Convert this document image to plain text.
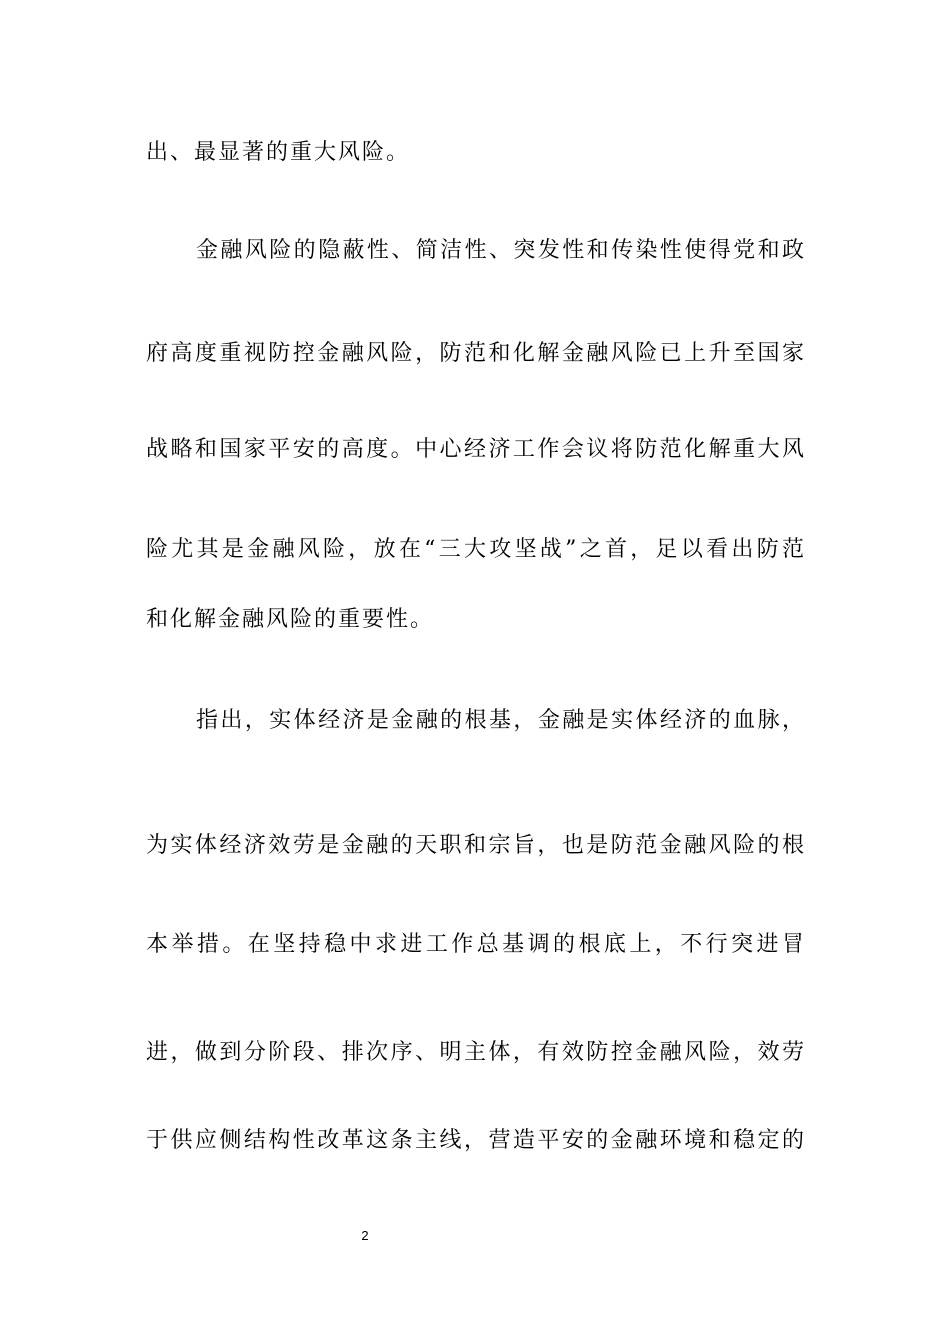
出、最显著的重大风险。
金融风险的隐蔽性、简洁性、突发性和传染性使得党和政
府高度重视防控金融风险，防范和化解金融风险已上升至国家
战略和国家平安的高度。中心经济工作会议将防范化解重大风
险尤其是金融风险，放在“三大攻坚战”之首，足以看出防范
和化解金融风险的重要性。
指出，实体经济是金融的根基，金融是实体经济的血脉，
为实体经济效劳是金融的天职和宗旨，也是防范金融风险的根
本举措。在坚持稳中求进工作总基调的根底上，不行突进冒
进，做到分阶段、排次序、明主体，有效防控金融风险，效劳
于供应侧结构性改革这条主线，营造平安的金融环境和稳定的
2
